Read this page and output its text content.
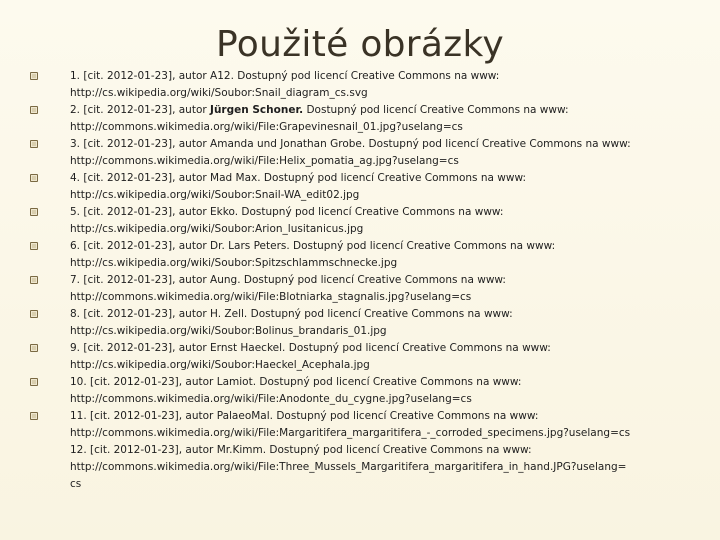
Použité obrázky
1. [cit. 2012-01-23], autor A12. Dostupný pod licencí Creative Commons na www:
http://cs.wikipedia.org/wiki/Soubor:Snail_diagram_cs.svg
2. [cit. 2012-01-23], autor Jürgen Schoner. Dostupný pod licencí Creative Commons na www:
http://commons.wikimedia.org/wiki/File:Grapevinesnail_01.jpg?uselang=cs
3. [cit. 2012-01-23], autor Amanda und Jonathan Grobe. Dostupný pod licencí Creative Commons na www:
http://commons.wikimedia.org/wiki/File:Helix_pomatia_ag.jpg?uselang=cs
4. [cit. 2012-01-23], autor Mad Max. Dostupný pod licencí Creative Commons na www:
http://cs.wikipedia.org/wiki/Soubor:Snail-WA_edit02.jpg
5. [cit. 2012-01-23], autor Ekko. Dostupný pod licencí Creative Commons na www:
http://cs.wikipedia.org/wiki/Soubor:Arion_lusitanicus.jpg
6. [cit. 2012-01-23], autor Dr. Lars Peters. Dostupný pod licencí Creative Commons na www:
http://cs.wikipedia.org/wiki/Soubor:Spitzschlammschnecke.jpg
7. [cit. 2012-01-23], autor Aung. Dostupný pod licencí Creative Commons na www:
http://commons.wikimedia.org/wiki/File:Blotniarka_stagnalis.jpg?uselang=cs
8. [cit. 2012-01-23], autor H. Zell. Dostupný pod licencí Creative Commons na www:
http://cs.wikipedia.org/wiki/Soubor:Bolinus_brandaris_01.jpg
9. [cit. 2012-01-23], autor Ernst Haeckel. Dostupný pod licencí Creative Commons na www:
http://cs.wikipedia.org/wiki/Soubor:Haeckel_Acephala.jpg
10. [cit. 2012-01-23], autor Lamiot. Dostupný pod licencí Creative Commons na www:
http://commons.wikimedia.org/wiki/File:Anodonte_du_cygne.jpg?uselang=cs
11. [cit. 2012-01-23], autor PalaeoMal. Dostupný pod licencí Creative Commons na www:
http://commons.wikimedia.org/wiki/File:Margaritifera_margaritifera_-_corroded_specimens.jpg?uselang=cs
12. [cit. 2012-01-23], autor Mr.Kimm. Dostupný pod licencí Creative Commons na www:
http://commons.wikimedia.org/wiki/File:Three_Mussels_Margaritifera_margaritifera_in_hand.JPG?uselang=
cs
